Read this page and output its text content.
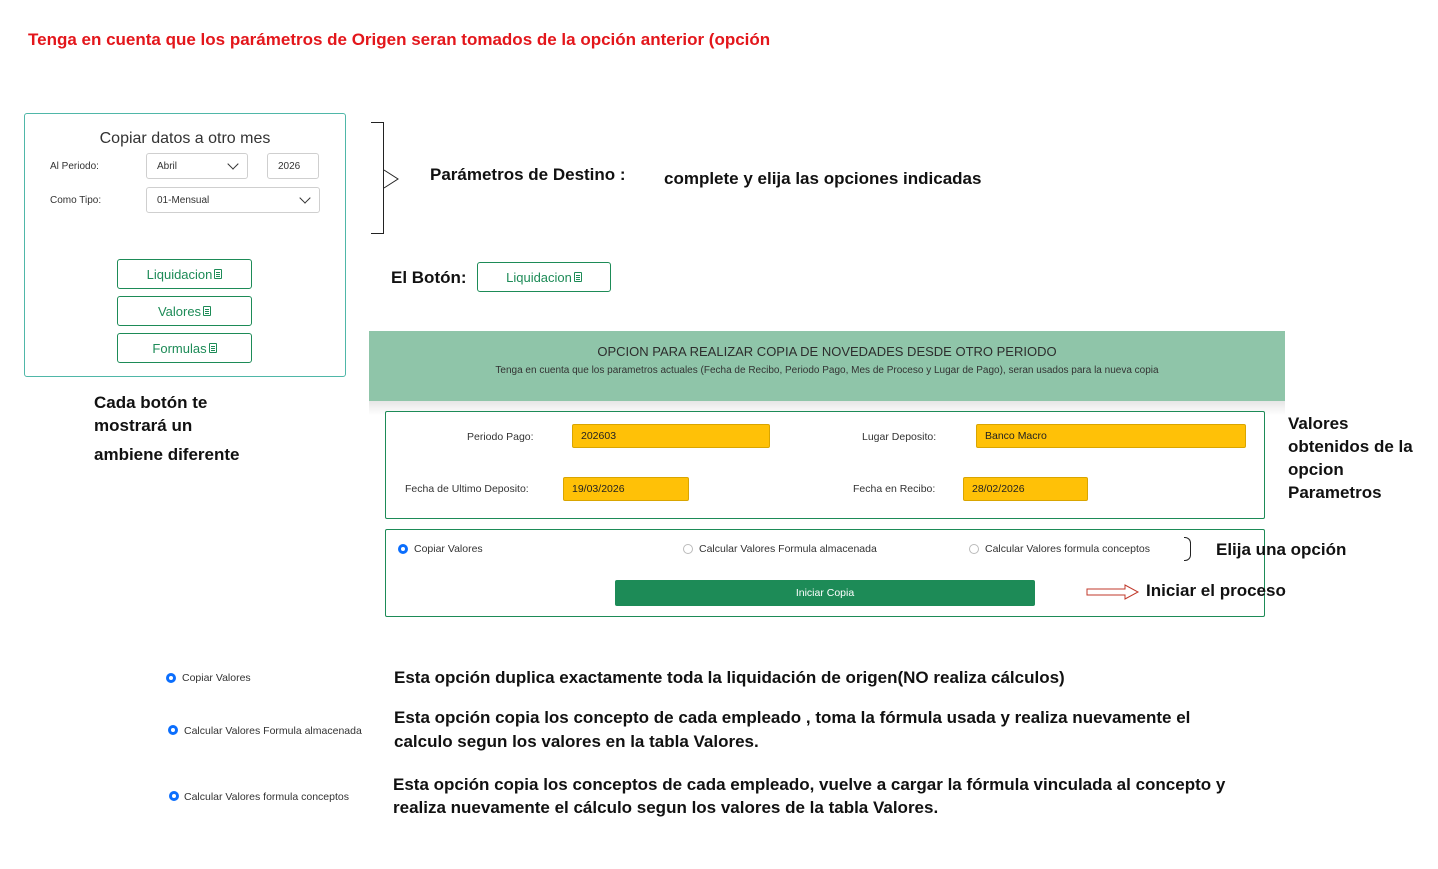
Tenga en cuenta que los parámetros de Origen seran tomados de la opción anterior (opción
Copiar datos a otro mes
Al Periodo:	Abril	2026
Como Tipo:	01-Mensual
Liquidacion
Valores
Formulas
Parámetros de Destino : complete y elija las opciones indicadas
El Botón:	Liquidacion
Cada botón te
mostrará un
ambiene diferente
OPCION PARA REALIZAR COPIA DE NOVEDADES DESDE OTRO PERIODO
Tenga en cuenta que los parametros actuales (Fecha de Recibo, Periodo Pago, Mes de Proceso y Lugar de Pago), seran usados para la nueva copia
Periodo Pago:	202603	Lugar Deposito:	Banco Macro
Fecha de Ultimo Deposito:	19/03/2026	Fecha en Recibo:	28/02/2026
Copiar Valores	Calcular Valores Formula almacenada	Calcular Valores formula conceptos
Iniciar Copia
Valores
obtenidos de la
opcion
Parametros
Elija una opción
Iniciar el proceso
Copiar Valores	Esta opción duplica exactamente toda la liquidación de origen(NO realiza cálculos)
Calcular Valores Formula almacenada
Esta opción copia los concepto de cada empleado , toma la fórmula usada y realiza nuevamente el
calculo segun los valores en la tabla Valores.
Calcular Valores formula conceptos
Esta opción copia los conceptos de cada empleado, vuelve a cargar la fórmula vinculada al concepto y
realiza nuevamente el cálculo segun los valores de la tabla Valores.
